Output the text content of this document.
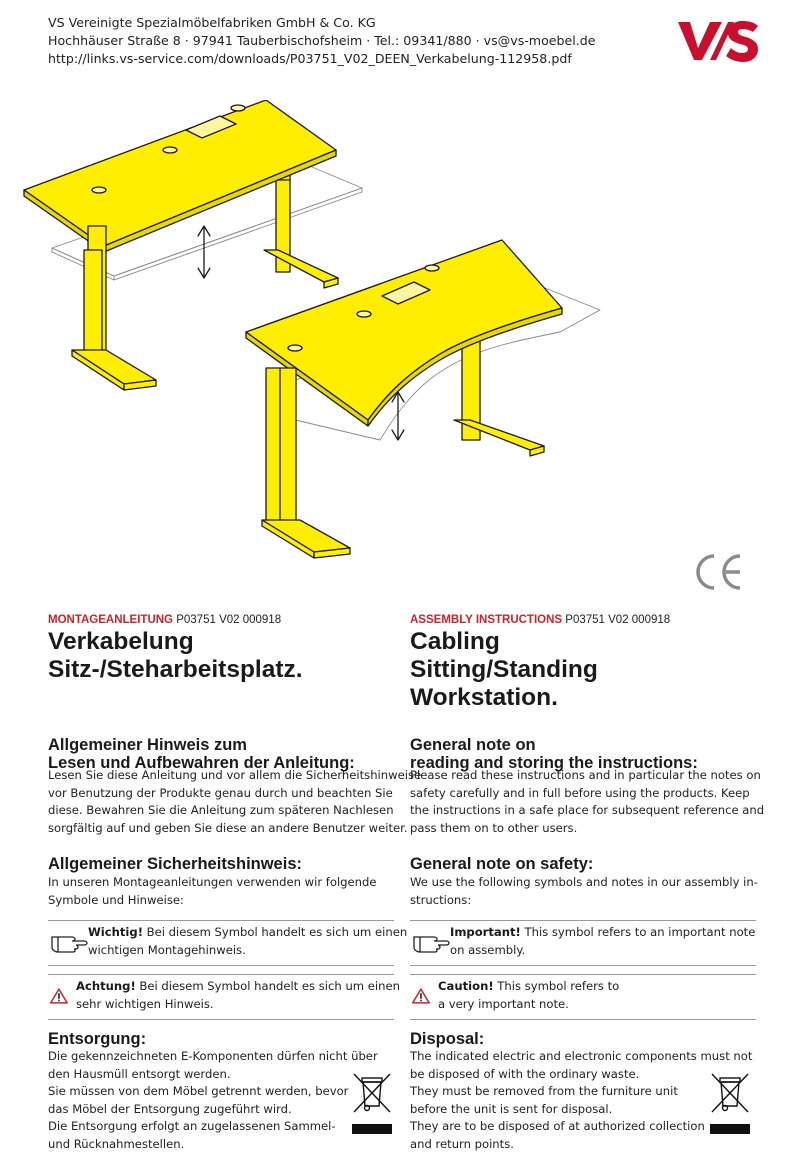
VS Vereinigte Spezialmöbelfabriken GmbH & Co. KG
Hochhäuser Straße 8 · 97941 Tauberbischofsheim · Tel.: 09341/880 · vs@vs-moebel.de
http://links.vs-service.com/downloads/P03751_V02_DEEN_Verkabelung-112958.pdf
MONTAGEANLEITUNG P03751 V02 000918
Verkabelung
Sitz-/Steharbeitsplatz.
Allgemeiner Hinweis zum
Lesen und Aufbewahren der Anleitung:
Lesen Sie diese Anleitung und vor allem die Sicherheitshinweise
vor Benutzung der Produkte genau durch und beachten Sie
diese. Bewahren Sie die Anleitung zum späteren Nachlesen
sorgfältig auf und geben Sie diese an andere Benutzer weiter.
Allgemeiner Sicherheitshinweis:
In unseren Montageanleitungen verwenden wir folgende
Symbole und Hinweise:
Wichtig! Bei diesem Symbol handelt es sich um einen
wichtigen Montagehinweis.
Achtung! Bei diesem Symbol handelt es sich um einen
sehr wichtigen Hinweis.
Entsorgung:
Die gekennzeichneten E-Komponenten dürfen nicht über
den Hausmüll entsorgt werden.
Sie müssen von dem Möbel getrennt werden, bevor
das Möbel der Entsorgung zugeführt wird.
Die Entsorgung erfolgt an zugelassenen Sammel-
und Rücknahmestellen.
ASSEMBLY INSTRUCTIONS P03751 V02 000918
Cabling
Sitting/Standing
Workstation.
General note on
reading and storing the instructions:
Please read these instructions and in particular the notes on
safety carefully and in full before using the products. Keep
the instructions in a safe place for subsequent reference and
pass them on to other users.
General note on safety:
We use the following symbols and notes in our assembly in-
structions:
Important! This symbol refers to an important note
on assembly.
Caution! This symbol refers to
a very important note.
Disposal:
The indicated electric and electronic components must not
be disposed of with the ordinary waste.
They must be removed from the furniture unit
before the unit is sent for disposal.
They are to be disposed of at authorized collection
and return points.
